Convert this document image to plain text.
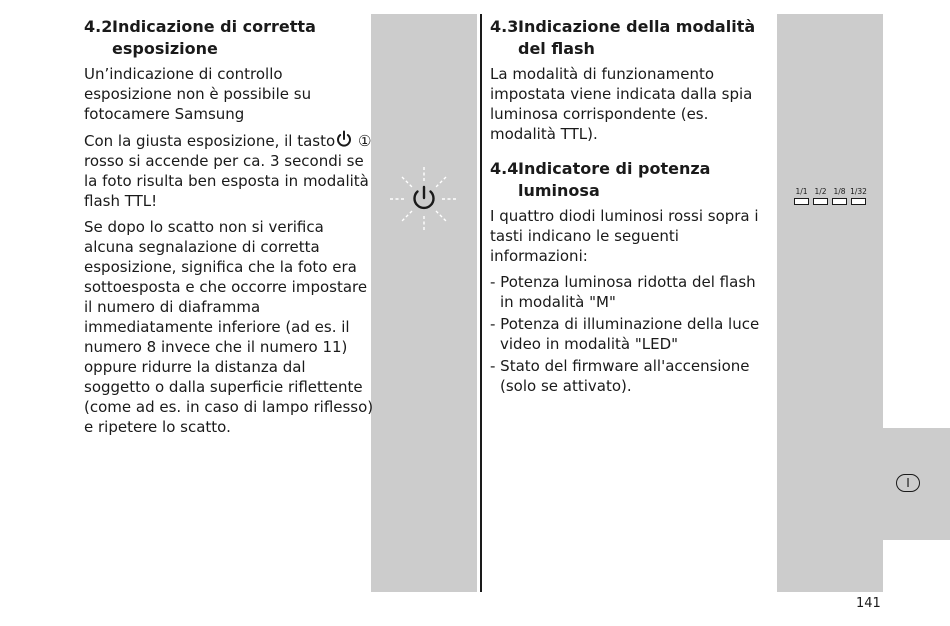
1/1 1/2 1/8 1/32
4.2Indicazione di corretta esposizione

Un’indicazione di controllo esposizione non è possibile su fotocamere Samsung

Con la giusta esposizione, il tasto ① rosso si accende per ca. 3 secondi se la foto risulta ben esposta in modalità flash TTL!

Se dopo lo scatto non si verifica alcuna segnalazione di corretta esposizione, significa che la foto era sottoesposta e che occorre impostare il numero di diaframma immediatamente inferiore (ad es. il numero 8 invece che il numero 11) oppure ridurre la distanza dal soggetto o dalla superficie riflettente (come ad es. in caso di lampo riflesso) e ripetere lo scatto.

4.3Indicazione della modalità del flash

La modalità di funzionamento impostata viene indicata dalla spia luminosa corrispondente (es. modalità TTL).

4.4Indicatore di potenza luminosa

I quattro diodi luminosi rossi sopra i tasti indicano le seguenti informazioni:

- Potenza luminosa ridotta del flash in modalità "M"

- Potenza di illuminazione della luce video in modalità "LED"

- Stato del firmware all'accensione (solo se attivato).

I
141
